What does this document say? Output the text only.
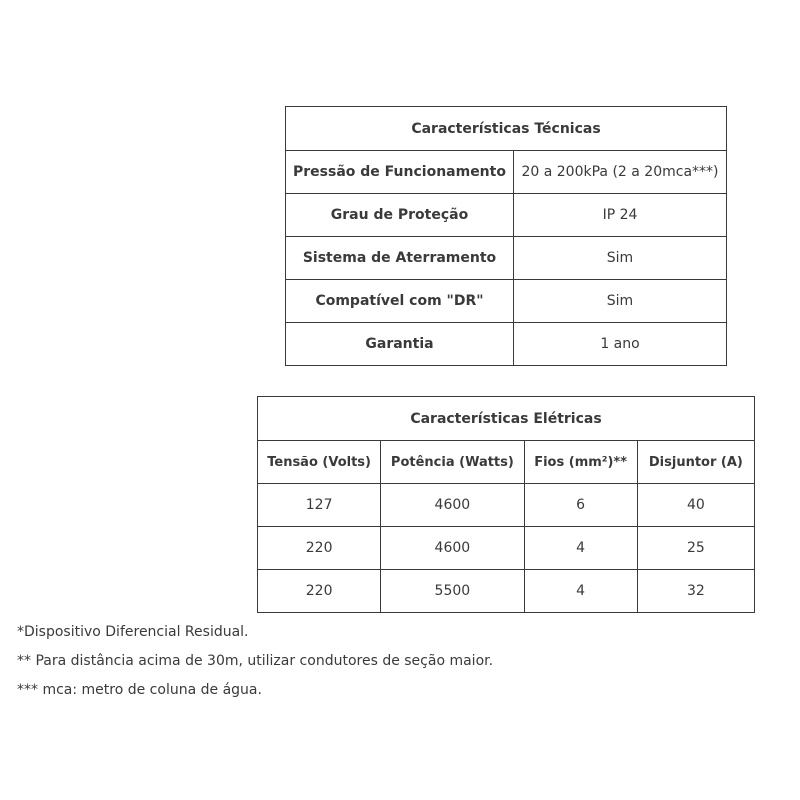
Características Técnicas	
Pressão de Funcionamento	20 a 200kPa (2 a 20mca***)
Grau de Proteção	IP 24
Sistema de Aterramento	Sim
Compatível com "DR"	Sim
Garantia	1 ano
Características Elétricas			
Tensão (Volts)	Potência (Watts)	Fios (mm²)**	Disjuntor (A)
127	4600	6	40
220	4600	4	25
220	5500	4	32
*Dispositivo Diferencial Residual.
** Para distância acima de 30m, utilizar condutores de seção maior.
*** mca: metro de coluna de água.
